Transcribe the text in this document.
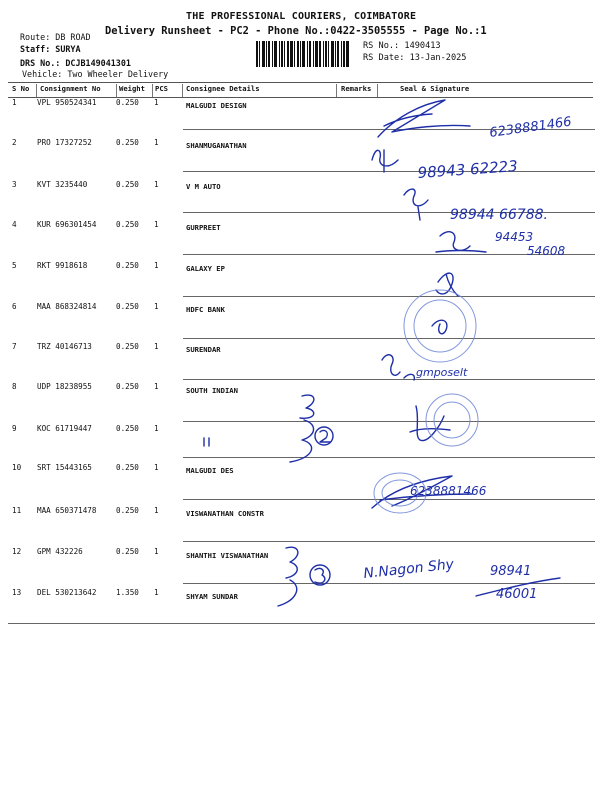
THE PROFESSIONAL COURIERS, COIMBATORE
Delivery Runsheet - PC2 - Phone No.:0422-3505555 - Page No.:1
Route: DB ROAD
Staff: SURYA
DRS No.: DCJB149041301
Vehicle: Two Wheeler Delivery
RS No.: 1490413
RS Date: 13-Jan-2025
S No Consignment No	Weight PCS	Consignee Details	Remarks	Seal & Signature
1	VPL 950524341	0.250 1	MALGUDI DESIGN
2	PRO 17327252	0.250 1	SHANMUGANATHAN
3	KVT 3235440	0.250 1	V M AUTO
4	KUR 696301454	0.250 1	GURPREET
5	RKT 9918618	0.250 1	GALAXY EP
6	MAA 868324814	0.250 1	HDFC BANK
7	TRZ 40146713	0.250 1	SURENDAR
8	UDP 18238955	0.250 1	SOUTH INDIAN
9	KOC 61719447	0.250 1
10 SRT 15443165	0.250 1	MALGUDI DES
11 MAA 650371478	0.250 1	VISWANATHAN CONSTR
12 GPM 432226	0.250 1	SHANTHI VISWANATHAN
13 DEL 530213642	1.350 1	SHYAM SUNDAR
6238881466
98943 62223
98944 66788.
94453
54608
gmposelt
11
6238881466
N.Nagon Shy	98941
46001
